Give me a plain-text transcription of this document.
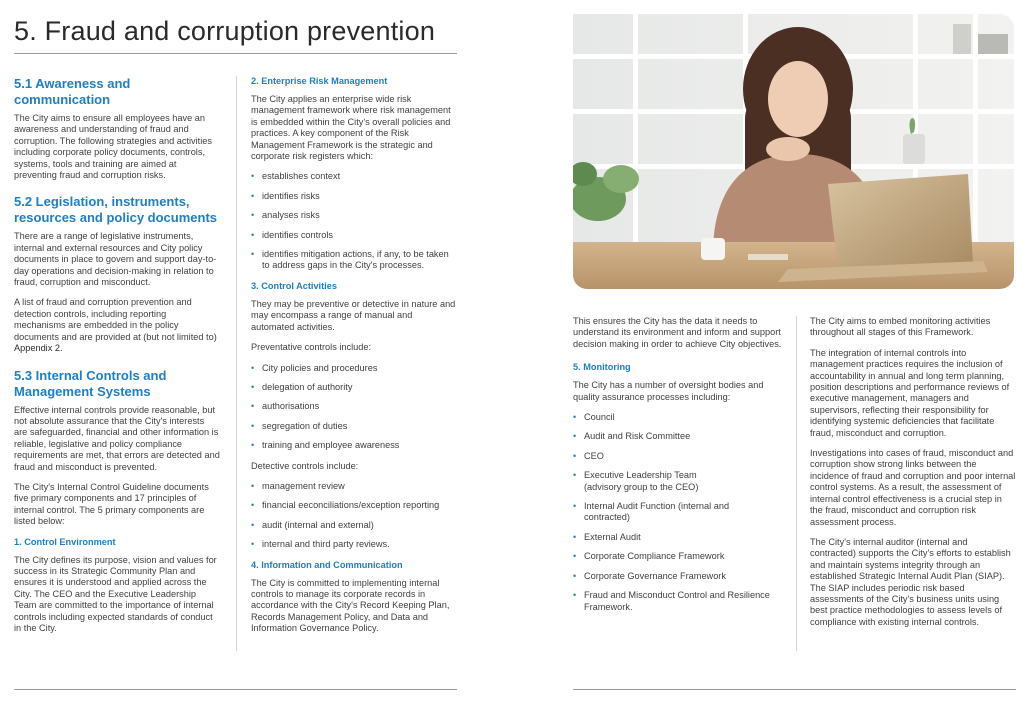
5. Fraud and corruption prevention
5.1 Awareness and communication

The City aims to ensure all employees have an awareness and understanding of fraud and corruption. The following strategies and activities including corporate policy documents, controls, systems, tools and training are aimed at preventing fraud and corruption risks.

5.2 Legislation, instruments, resources and policy documents

There are a range of legislative instruments, internal and external resources and City policy documents in place to govern and support day-to-day operations and decision-making in relation to fraud, corruption and misconduct.

A list of fraud and corruption prevention and detection controls, including reporting mechanisms are embedded in the policy documents and are provided at (but not limited to) Appendix 2.

5.3 Internal Controls and Management Systems

Effective internal controls provide reasonable, but not absolute assurance that the City's interests are safeguarded, financial and other information is reliable, legislative and policy compliance requirements are met, that errors are detected and fraud and misconduct is prevented.

The City's Internal Control Guideline documents five primary components and 17 principles of internal control. The 5 primary components are listed below:

1. Control Environment

The City defines its purpose, vision and values for success in its Strategic Community Plan and ensures it is understood and applied across the City. The CEO and the Executive Leadership Team are committed to the importance of internal controls including expected standards of conduct in the City.

2. Enterprise Risk Management

The City applies an enterprise wide risk management framework where risk management is embedded within the City's overall policies and practices. A key component of the Risk Management Framework is the strategic and corporate risk registers which:

• establishes context
• identifies risks
• analyses risks
• identifies controls
• identifies mitigation actions, if any, to be taken to address gaps in the City's processes.
3. Control Activities

They may be preventive or detective in nature and may encompass a range of manual and automated activities.

Preventative controls include:

• City policies and procedures
• delegation of authority
• authorisations
• segregation of duties
• training and employee awareness

Detective controls include:

• management review
• financial eeconciliations/exception reporting
• audit (internal and external)
• internal and third party reviews.
4. Information and Communication

The City is committed to implementing internal controls to manage its corporate records in accordance with the City's Record Keeping Plan, Records Management Policy, and Data and Information Governance Policy.

This ensures the City has the data it needs to understand its environment and inform and support decision making in order to achieve City objectives.

5. Monitoring

The City has a number of oversight bodies and quality assurance processes including:

• Council
• Audit and Risk Committee
• CEO
• Executive Leadership Team (advisory group to the CEO)
• Internal Audit Function (internal and contracted)
• External Audit
• Corporate Compliance Framework
• Corporate Governance Framework
• Fraud and Misconduct Control and Resilience Framework.

The City aims to embed monitoring activities throughout all stages of this Framework.

The integration of internal controls into management practices requires the inclusion of accountability in annual and long term planning, position descriptions and performance reviews of executive management, managers and supervisors, reflecting their responsibility for identifying systemic deficiencies that facilitate fraud, misconduct and corruption.

Investigations into cases of fraud, misconduct and corruption show strong links between the incidence of fraud and corruption and poor internal control systems. As a result, the assessment of internal control effectiveness is a crucial step in the fraud, misconduct and corruption risk assessment process.

The City's internal auditor (internal and contracted) supports the City's efforts to establish and maintain systems integrity through an established Strategic Internal Audit Plan (SIAP). The SIAP includes periodic risk based assessments of the City's business units using best practice methodologies to assess levels of compliance with existing internal controls.
